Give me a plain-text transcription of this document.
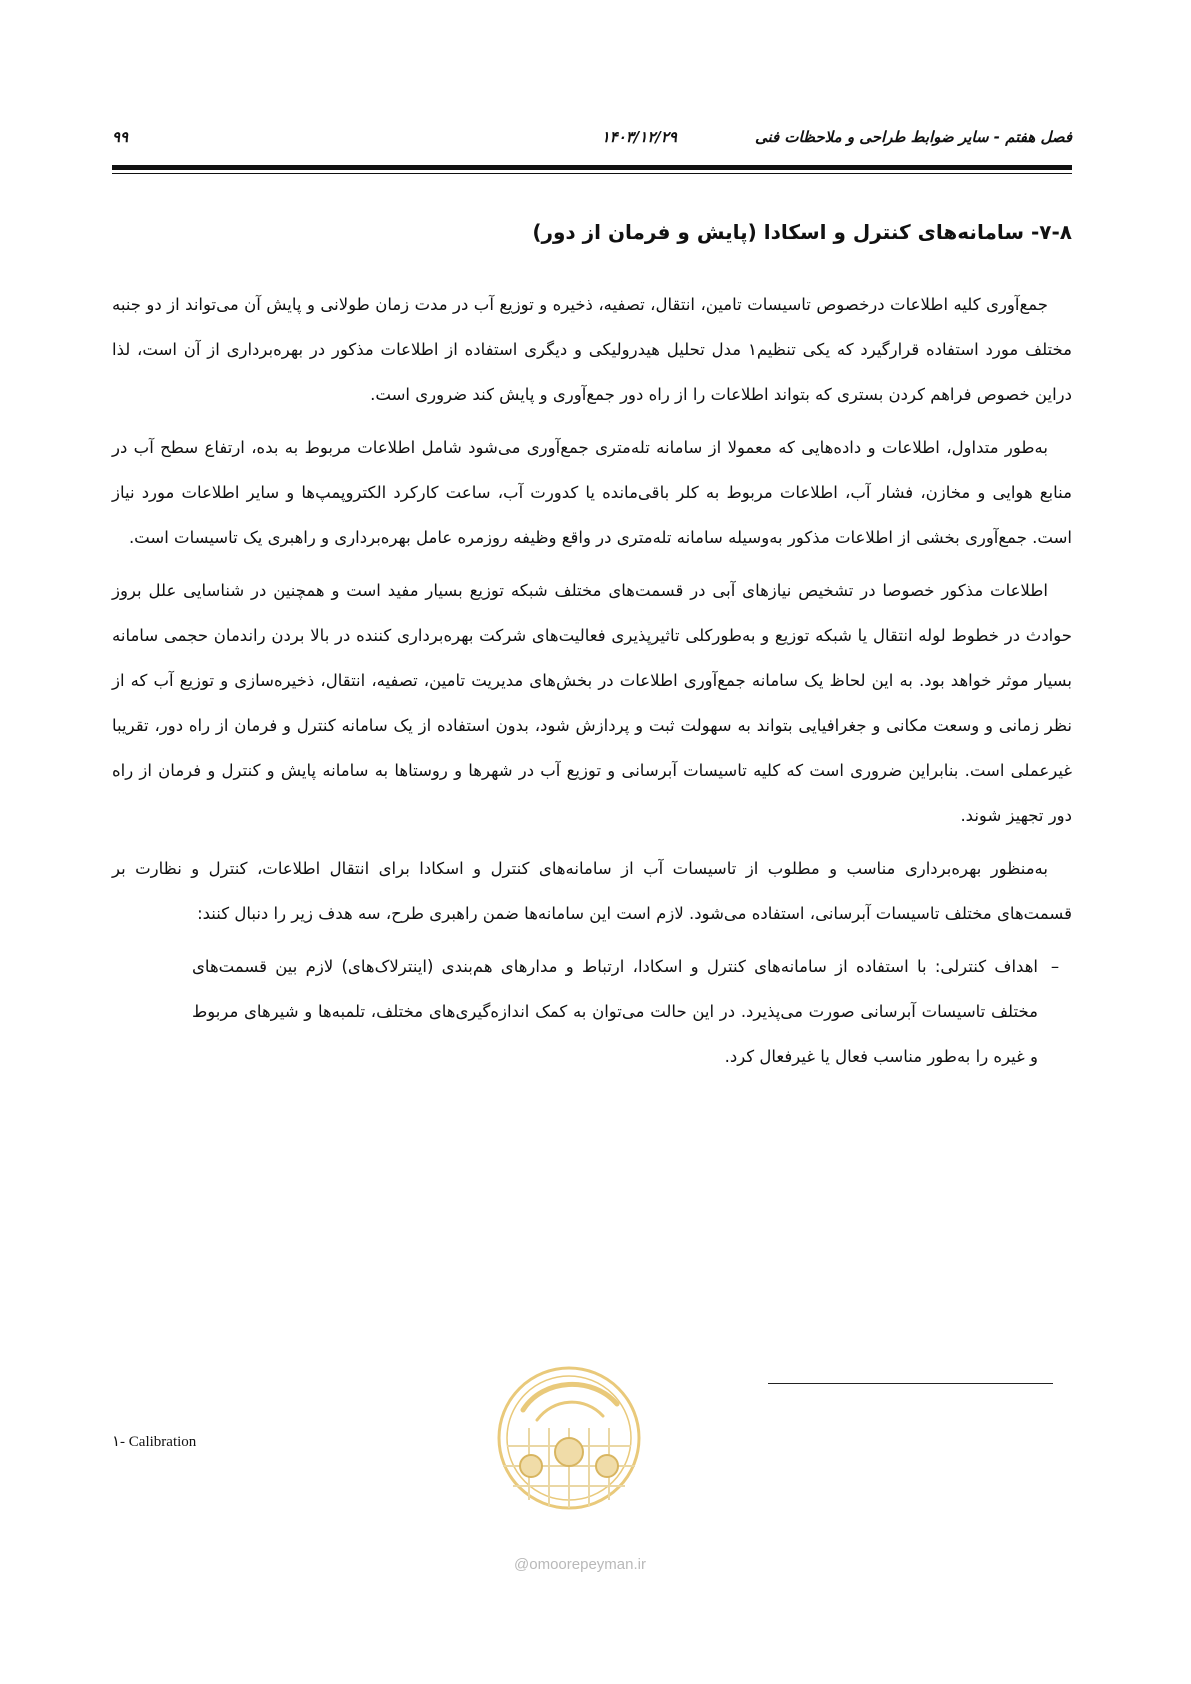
فصل هفتم - سایر ضوابط طراحی و ملاحظات فنی
۱۴۰۳/۱۲/۲۹
۹۹
۷-۸- سامانه‌های کنترل و اسکادا (پایش و فرمان از دور)

جمع‌آوری کلیه اطلاعات درخصوص تاسیسات تامین، انتقال، تصفیه، ذخیره و توزیع آب در مدت زمان طولانی و پایش آن می‌تواند از دو جنبه مختلف مورد استفاده قرارگیرد که یکی تنظیم۱ مدل تحلیل هیدرولیکی و دیگری استفاده از اطلاعات مذکور در بهره‌برداری از آن است، لذا دراین خصوص فراهم کردن بستری که بتواند اطلاعات را از راه دور جمع‌آوری و پایش کند ضروری است.

به‌طور متداول، اطلاعات و داده‌هایی که معمولا از سامانه تله‌متری جمع‌آوری می‌شود شامل اطلاعات مربوط به بده، ارتفاع سطح آب در منابع هوایی و مخازن، فشار آب، اطلاعات مربوط به کلر باقی‌مانده یا کدورت آب، ساعت کارکرد الکتروپمپ‌ها و سایر اطلاعات مورد نیاز است. جمع‌آوری بخشی از اطلاعات مذکور به‌وسیله سامانه تله‌متری در واقع وظیفه روزمره عامل بهره‌برداری و راهبری یک تاسیسات است.

اطلاعات مذکور خصوصا در تشخیص نیازهای آبی در قسمت‌های مختلف شبکه توزیع بسیار مفید است و همچنین در شناسایی علل بروز حوادث در خطوط لوله انتقال یا شبکه توزیع و به‌طورکلی تاثیرپذیری فعالیت‌های شرکت بهره‌برداری کننده در بالا بردن راندمان حجمی سامانه بسیار موثر خواهد بود. به این لحاظ یک سامانه جمع‌آوری اطلاعات در بخش‌های مدیریت تامین، تصفیه، انتقال، ذخیره‌سازی و توزیع آب که از نظر زمانی و وسعت مکانی و جغرافیایی بتواند به سهولت ثبت و پردازش شود، بدون استفاده از یک سامانه کنترل و فرمان از راه دور، تقریبا غیرعملی است. بنابراین ضروری است که کلیه تاسیسات آبرسانی و توزیع آب در شهرها و روستاها به سامانه پایش و کنترل و فرمان از راه دور تجهیز شوند.

به‌منظور بهره‌برداری مناسب و مطلوب از تاسیسات آب از سامانه‌های کنترل و اسکادا برای انتقال اطلاعات، کنترل و نظارت بر قسمت‌های مختلف تاسیسات آبرسانی، استفاده می‌شود. لازم است این سامانه‌ها ضمن راهبری طرح، سه هدف زیر را دنبال کنند:

–
اهداف کنترلی: با استفاده از سامانه‌های کنترل و اسکادا، ارتباط و مدارهای هم‌بندی (اینترلاک‌های) لازم بین قسمت‌های مختلف تاسیسات آبرسانی صورت می‌پذیرد. در این حالت می‌توان به کمک اندازه‌گیری‌های مختلف، تلمبه‌ها و شیرهای مربوط و غیره را به‌طور مناسب فعال یا غیرفعال کرد.
۱- Calibration
@omoorepeyman.ir
